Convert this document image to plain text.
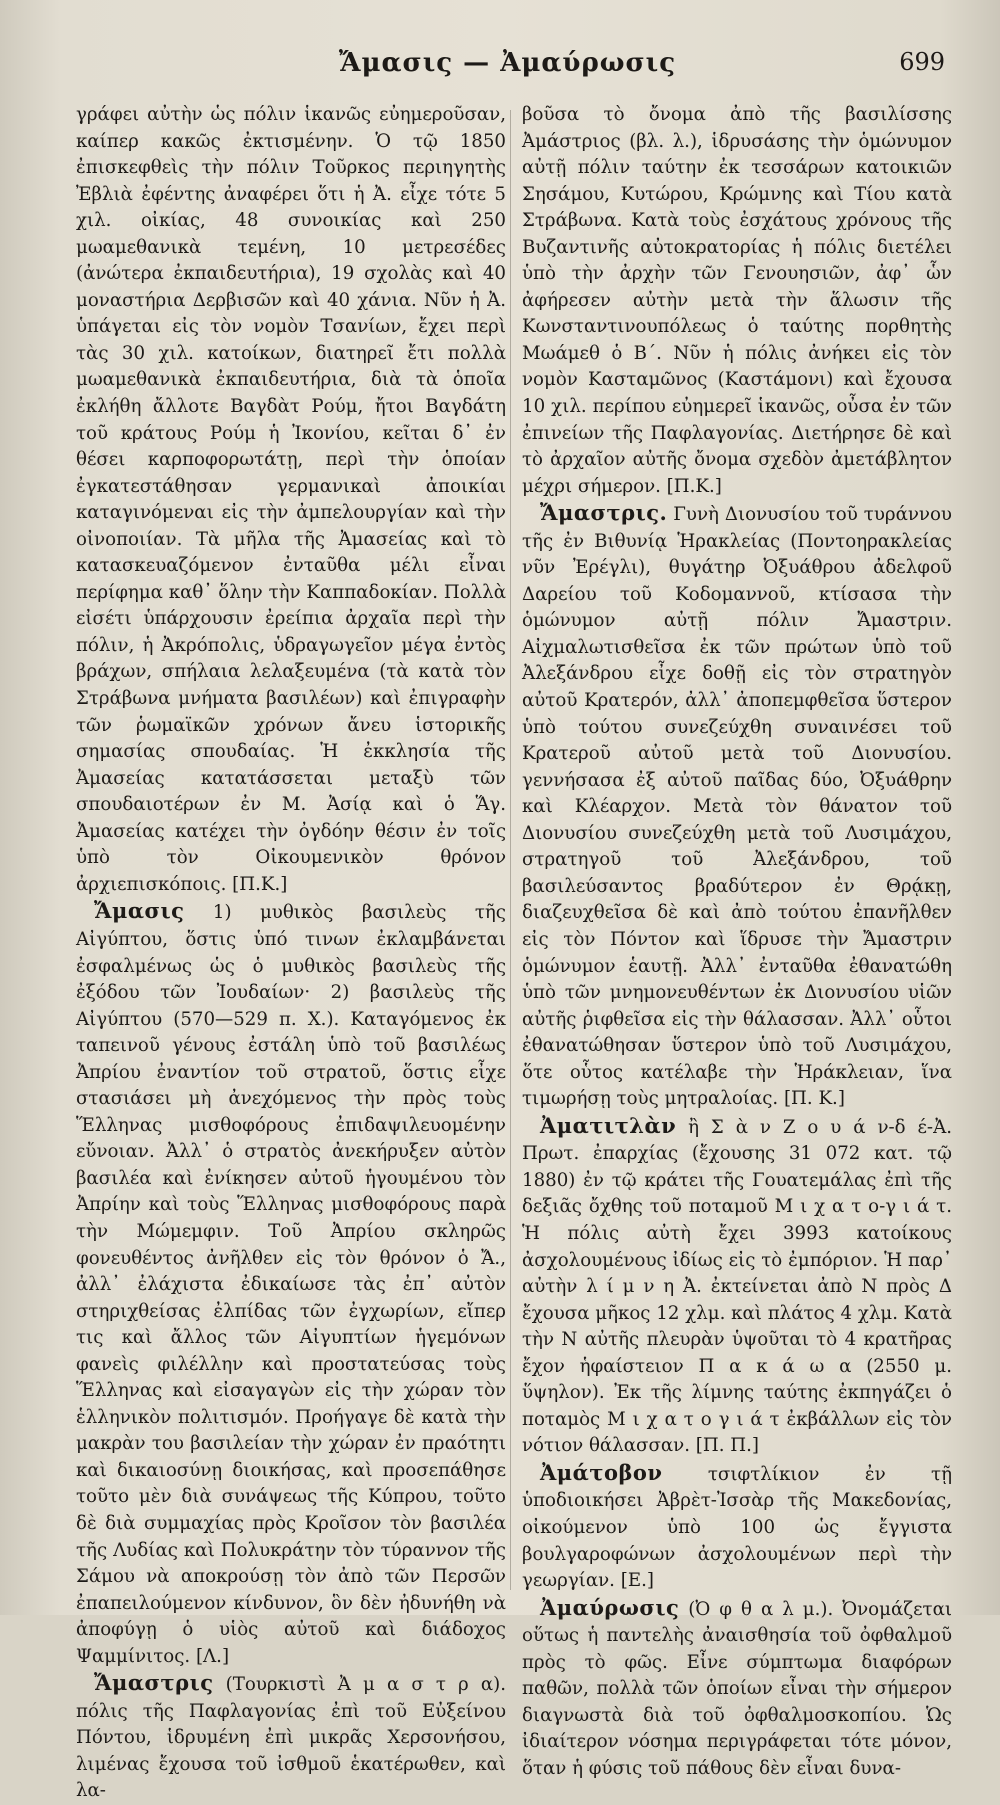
Ἄμασις — Ἀμαύρωσις	699

γράφει αὐτὴν ὡς πόλιν ἱκανῶς εὐημεροῦσαν, καίπερ κακῶς ἐκτισμένην. Ὁ τῷ 1850 ἐπισκεφθεὶς τὴν πόλιν Τοῦρκος περιηγητὴς Ἐβλιὰ ἐφέντης ἀναφέρει ὅτι ἡ Ἀ. εἶχε τότε 5 χιλ. οἰκίας, 48 συνοικίας καὶ 250 μωαμεθανικὰ τεμένη, 10 μετρεσέδες (ἀνώτερα ἐκπαιδευτήρια), 19 σχολὰς καὶ 40 μοναστήρια Δερβισῶν καὶ 40 χάνια. Νῦν ἡ Ἀ. ὑπάγεται εἰς τὸν νομὸν Τσανίων, ἔχει περὶ τὰς 30 χιλ. κατοίκων, διατηρεῖ ἔτι πολλὰ μωαμεθανικὰ ἐκπαιδευτήρια, διὰ τὰ ὁποῖα ἐκλήθη ἄλλοτε Βαγδὰτ Ρούμ, ἤτοι Βαγδάτη τοῦ κράτους Ρούμ ἡ Ἰκονίου, κεῖται δ᾽ ἐν θέσει καρποφορωτάτῃ, περὶ τὴν ὁποίαν ἐγκατεστάθησαν γερμανικαὶ ἀποικίαι καταγινόμεναι εἰς τὴν ἀμπελουργίαν καὶ τὴν οἰνοποιίαν. Τὰ μῆλα τῆς Ἀμασείας καὶ τὸ κατασκευαζόμενον ἐνταῦθα μέλι εἶναι περίφημα καθ᾽ ὅλην τὴν Καππαδοκίαν. Πολλὰ εἰσέτι ὑπάρχουσιν ἐρείπια ἀρχαῖα περὶ τὴν πόλιν, ἡ Ἀκρόπολις, ὑδραγωγεῖον μέγα ἐντὸς βράχων, σπήλαια λελαξευμένα (τὰ κατὰ τὸν Στράβωνα μνήματα βασιλέων) καὶ ἐπιγραφὴν τῶν ῥωμαϊκῶν χρόνων ἄνευ ἱστορικῆς σημασίας σπουδαίας. Ἡ ἐκκλησία τῆς Ἀμασείας κατατάσσεται μεταξὺ τῶν σπουδαιοτέρων ἐν Μ. Ἀσίᾳ καὶ ὁ Ἅγ. Ἀμασείας κατέχει τὴν ὀγδόην θέσιν ἐν τοῖς ὑπὸ τὸν Οἰκουμενικὸν θρόνον ἀρχιεπισκόποις. [Π.Κ.]

Ἄμασις 1) μυθικὸς βασιλεὺς τῆς Αἰγύπτου, ὅστις ὑπό τινων ἐκλαμβάνεται ἐσφαλμένως ὡς ὁ μυθικὸς βασιλεὺς τῆς ἐξόδου τῶν Ἰουδαίων· 2) βασιλεὺς τῆς Αἰγύπτου (570—529 π. Χ.). Καταγόμενος ἐκ ταπεινοῦ γένους ἐστάλη ὑπὸ τοῦ βασιλέως Ἀπρίου ἐναντίον τοῦ στρατοῦ, ὅστις εἶχε στασιάσει μὴ ἀνεχόμενος τὴν πρὸς τοὺς Ἕλληνας μισθοφόρους ἐπιδαψιλευομένην εὔνοιαν. Ἀλλ᾽ ὁ στρατὸς ἀνεκήρυξεν αὐτὸν βασιλέα καὶ ἐνίκησεν αὐτοῦ ἡγουμένου τὸν Ἀπρίην καὶ τοὺς Ἕλληνας μισθοφόρους παρὰ τὴν Μώμεμφιν. Τοῦ Ἀπρίου σκληρῶς φονευθέντος ἀνῆλθεν εἰς τὸν θρόνον ὁ Ἄ., ἀλλ᾽ ἐλάχιστα ἐδικαίωσε τὰς ἐπ᾽ αὐτὸν στηριχθείσας ἐλπίδας τῶν ἐγχωρίων, εἴπερ τις καὶ ἄλλος τῶν Αἰγυπτίων ἡγεμόνων φανεὶς φιλέλλην καὶ προστατεύσας τοὺς Ἕλληνας καὶ εἰσαγαγὼν εἰς τὴν χώραν τὸν ἑλληνικὸν πολιτισμόν. Προήγαγε δὲ κατὰ τὴν μακρὰν του βασιλείαν τὴν χώραν ἐν πραότητι καὶ δικαιοσύνῃ διοικήσας, καὶ προσεπάθησε τοῦτο μὲν διὰ συνάψεως τῆς Κύπρου, τοῦτο δὲ διὰ συμμαχίας πρὸς Κροῖσον τὸν βασιλέα τῆς Λυδίας καὶ Πολυκράτην τὸν τύραννον τῆς Σάμου νὰ αποκρούσῃ τὸν ἀπὸ τῶν Περσῶν ἐπαπειλούμενον κίνδυνον, ὃν δὲν ἠδυνήθη νὰ ἀποφύγῃ ὁ υἱὸς αὐτοῦ καὶ διάδοχος Ψαμμίνιτος. [Λ.]

Ἄμαστρις (Τουρκιστὶ Ἀ μ α σ τ ρ α). πόλις τῆς Παφλαγονίας ἐπὶ τοῦ Εὐξείνου Πόντου, ἱδρυμένη ἐπὶ μικρᾶς Χερσονήσου, λιμένας ἔχουσα τοῦ ἰσθμοῦ ἑκατέρωθεν, καὶ λα-

βοῦσα τὸ ὄνομα ἀπὸ τῆς βασιλίσσης Ἀμάστριος (βλ. λ.), ἱδρυσάσης τὴν ὁμώνυμον αὐτῇ πόλιν ταύτην ἐκ τεσσάρων κατοικιῶν Σησάμου, Κυτώρου, Κρώμνης καὶ Τίου κατὰ Στράβωνα. Κατὰ τοὺς ἐσχάτους χρόνους τῆς Βυζαντινῆς αὐτοκρατορίας ἡ πόλις διετέλει ὑπὸ τὴν ἀρχὴν τῶν Γενουησιῶν, ἀφ᾽ ὧν ἀφήρεσεν αὐτὴν μετὰ τὴν ἅλωσιν τῆς Κωνσταντινουπόλεως ὁ ταύτης πορθητὴς Μωάμεθ ὁ Β΄. Νῦν ἡ πόλις ἀνήκει εἰς τὸν νομὸν Κασταμῶνος (Καστάμονι) καὶ ἔχουσα 10 χιλ. περίπου εὐημερεῖ ἱκανῶς, οὖσα ἐν τῶν ἐπινείων τῆς Παφλαγονίας. Διετήρησε δὲ καὶ τὸ ἀρχαῖον αὐτῆς ὄνομα σχεδὸν ἀμετάβλητον μέχρι σήμερον. [Π.Κ.]

Ἄμαστρις. Γυνὴ Διονυσίου τοῦ τυράννου τῆς ἐν Βιθυνίᾳ Ἡρακλείας (Ποντοηρακλείας νῦν Ἐρέγλι), θυγάτηρ Ὀξυάθρου ἀδελφοῦ Δαρείου τοῦ Κοδομαννοῦ, κτίσασα τὴν ὁμώνυμον αὐτῇ πόλιν Ἄμαστριν. Αἰχμαλωτισθεῖσα ἐκ τῶν πρώτων ὑπὸ τοῦ Ἀλεξάνδρου εἶχε δοθῇ εἰς τὸν στρατηγὸν αὐτοῦ Κρατερόν, ἀλλ᾽ ἀποπεμφθεῖσα ὕστερον ὑπὸ τούτου συνεζεύχθη συναινέσει τοῦ Κρατεροῦ αὐτοῦ μετὰ τοῦ Διονυσίου. γεννήσασα ἐξ αὐτοῦ παῖδας δύο, Ὀξυάθρην καὶ Κλέαρχον. Μετὰ τὸν θάνατον τοῦ Διονυσίου συνεζεύχθη μετὰ τοῦ Λυσιμάχου, στρατηγοῦ τοῦ Ἀλεξάνδρου, τοῦ βασιλεύσαντος βραδύτερον ἐν Θρᾴκῃ, διαζευχθεῖσα δὲ καὶ ἀπὸ τούτου ἐπανῆλθεν εἰς τὸν Πόντον καὶ ἵδρυσε τὴν Ἄμαστριν ὁμώνυμον ἑαυτῇ. Ἀλλ᾽ ἐνταῦθα ἐθανατώθη ὑπὸ τῶν μνημονευθέντων ἐκ Διονυσίου υἱῶν αὐτῆς ῥιφθεῖσα εἰς τὴν θάλασσαν. Ἀλλ᾽ οὗτοι ἐθανατώθησαν ὕστερον ὑπὸ τοῦ Λυσιμάχου, ὅτε οὗτος κατέλαβε τὴν Ἡράκλειαν, ἵνα τιμωρήσῃ τοὺς μητραλοίας. [Π. Κ.]

Ἀματιτλὰν ἢ Σ ὰ ν Ζ ο υ ά ν-δ έ-Ἀ. Πρωτ. ἐπαρχίας (ἔχουσης 31 072 κατ. τῷ 1880) ἐν τῷ κράτει τῆς Γουατεμάλας ἐπὶ τῆς δεξιᾶς ὄχθης τοῦ ποταμοῦ Μ ι χ α τ ο-γ ι ά τ. Ἡ πόλις αὐτὴ ἔχει 3993 κατοίκους ἀσχολουμένους ἰδίως εἰς τὸ ἐμπόριον. Ἡ παρ᾽ αὐτὴν λ ί μ ν η Ἀ. ἐκτείνεται ἀπὸ Ν πρὸς Δ ἔχουσα μῆκος 12 χλμ. καὶ πλάτος 4 χλμ. Κατὰ τὴν Ν αὐτῆς πλευρὰν ὑψοῦται τὸ 4 κρατῆρας ἔχον ἡφαίστειον Π α κ ά ω α (2550 μ. ὕψηλον). Ἐκ τῆς λίμνης ταύτης ἐκπηγάζει ὁ ποταμὸς Μ ι χ α τ ο γ ι ά τ ἐκβάλλων εἰς τὸν νότιον θάλασσαν. [Π. Π.]

Ἀμάτοβον τσιφτλίκιον ἐν τῇ ὑποδιοικήσει Ἀβρὲτ-Ἰσσὰρ τῆς Μακεδονίας, οἰκούμενον ὑπὸ 100 ὡς ἔγγιστα βουλγαροφώνων ἀσχολουμένων περὶ τὴν γεωργίαν. [Ε.]

Ἀμαύρωσις (Ὀ φ θ α λ μ.). Ὀνομάζεται οὕτως ἡ παντελὴς ἀναισθησία τοῦ ὀφθαλμοῦ πρὸς τὸ φῶς. Εἶνε σύμπτωμα διαφόρων παθῶν, πολλὰ τῶν ὁποίων εἶναι τὴν σήμερον διαγνωστὰ διὰ τοῦ ὀφθαλμοσκοπίου. Ὡς ἰδιαίτερον νόσημα περιγράφεται τότε μόνον, ὅταν ἡ φύσις τοῦ πάθους δὲν εἶναι δυνα-
